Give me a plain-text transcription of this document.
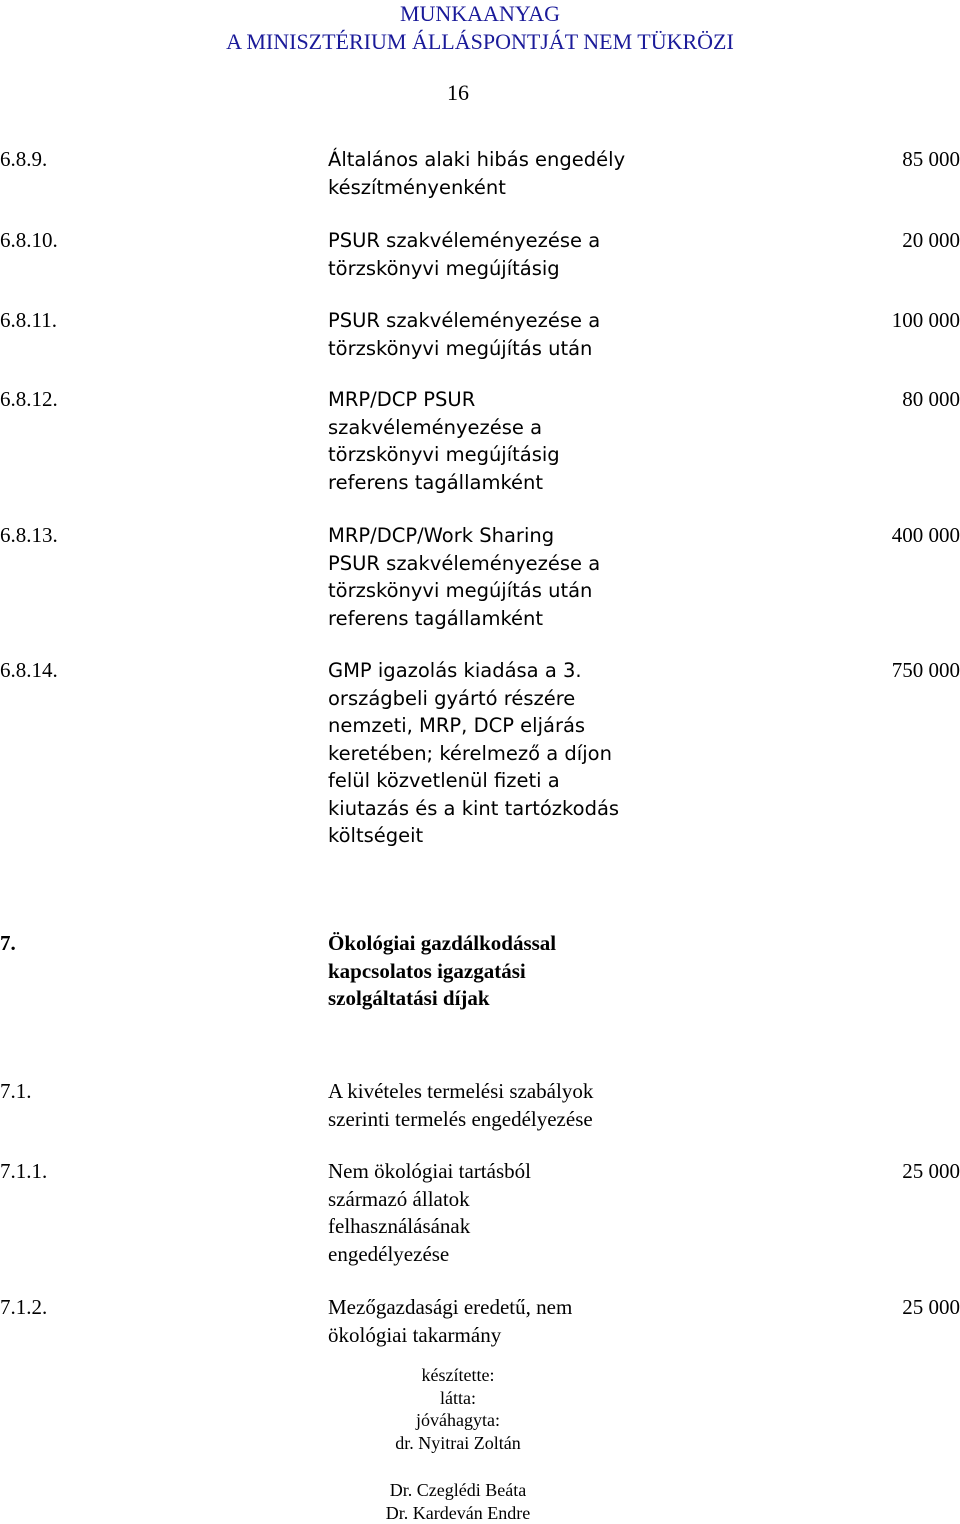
MUNKAANYAG
A MINISZTÉRIUM ÁLLÁSPONTJÁT NEM TÜKRÖZI
16
6.8.9.	Általános alaki hibás engedély
készítményenként
85 000
6.8.10.	PSUR szakvéleményezése a
törzskönyvi megújításig
20 000
6.8.11.	PSUR szakvéleményezése a
törzskönyvi megújítás után
100 000
6.8.12.	MRP/DCP PSUR
szakvéleményezése a
törzskönyvi megújításig
referens tagállamként
80 000
6.8.13.	MRP/DCP/Work Sharing
PSUR szakvéleményezése a
törzskönyvi megújítás után
referens tagállamként
400 000
6.8.14.	GMP igazolás kiadása a 3.
országbeli gyártó részére
nemzeti, MRP, DCP eljárás
keretében; kérelmező a díjon
felül közvetlenül fizeti a
kiutazás és a kint tartózkodás
költségeit
750 000
7.	Ökológiai gazdálkodással
kapcsolatos igazgatási
szolgáltatási díjak
7.1.	A kivételes termelési szabályok
szerinti termelés engedélyezése
7.1.1.	Nem ökológiai tartásból
származó állatok
felhasználásának
engedélyezése
25 000
7.1.2.	Mezőgazdasági eredetű, nem
ökológiai takarmány
25 000
készítette:
látta:
jóváhagyta:
dr. Nyitrai Zoltán
Dr. Czeglédi Beáta
Dr. Kardeván Endre
